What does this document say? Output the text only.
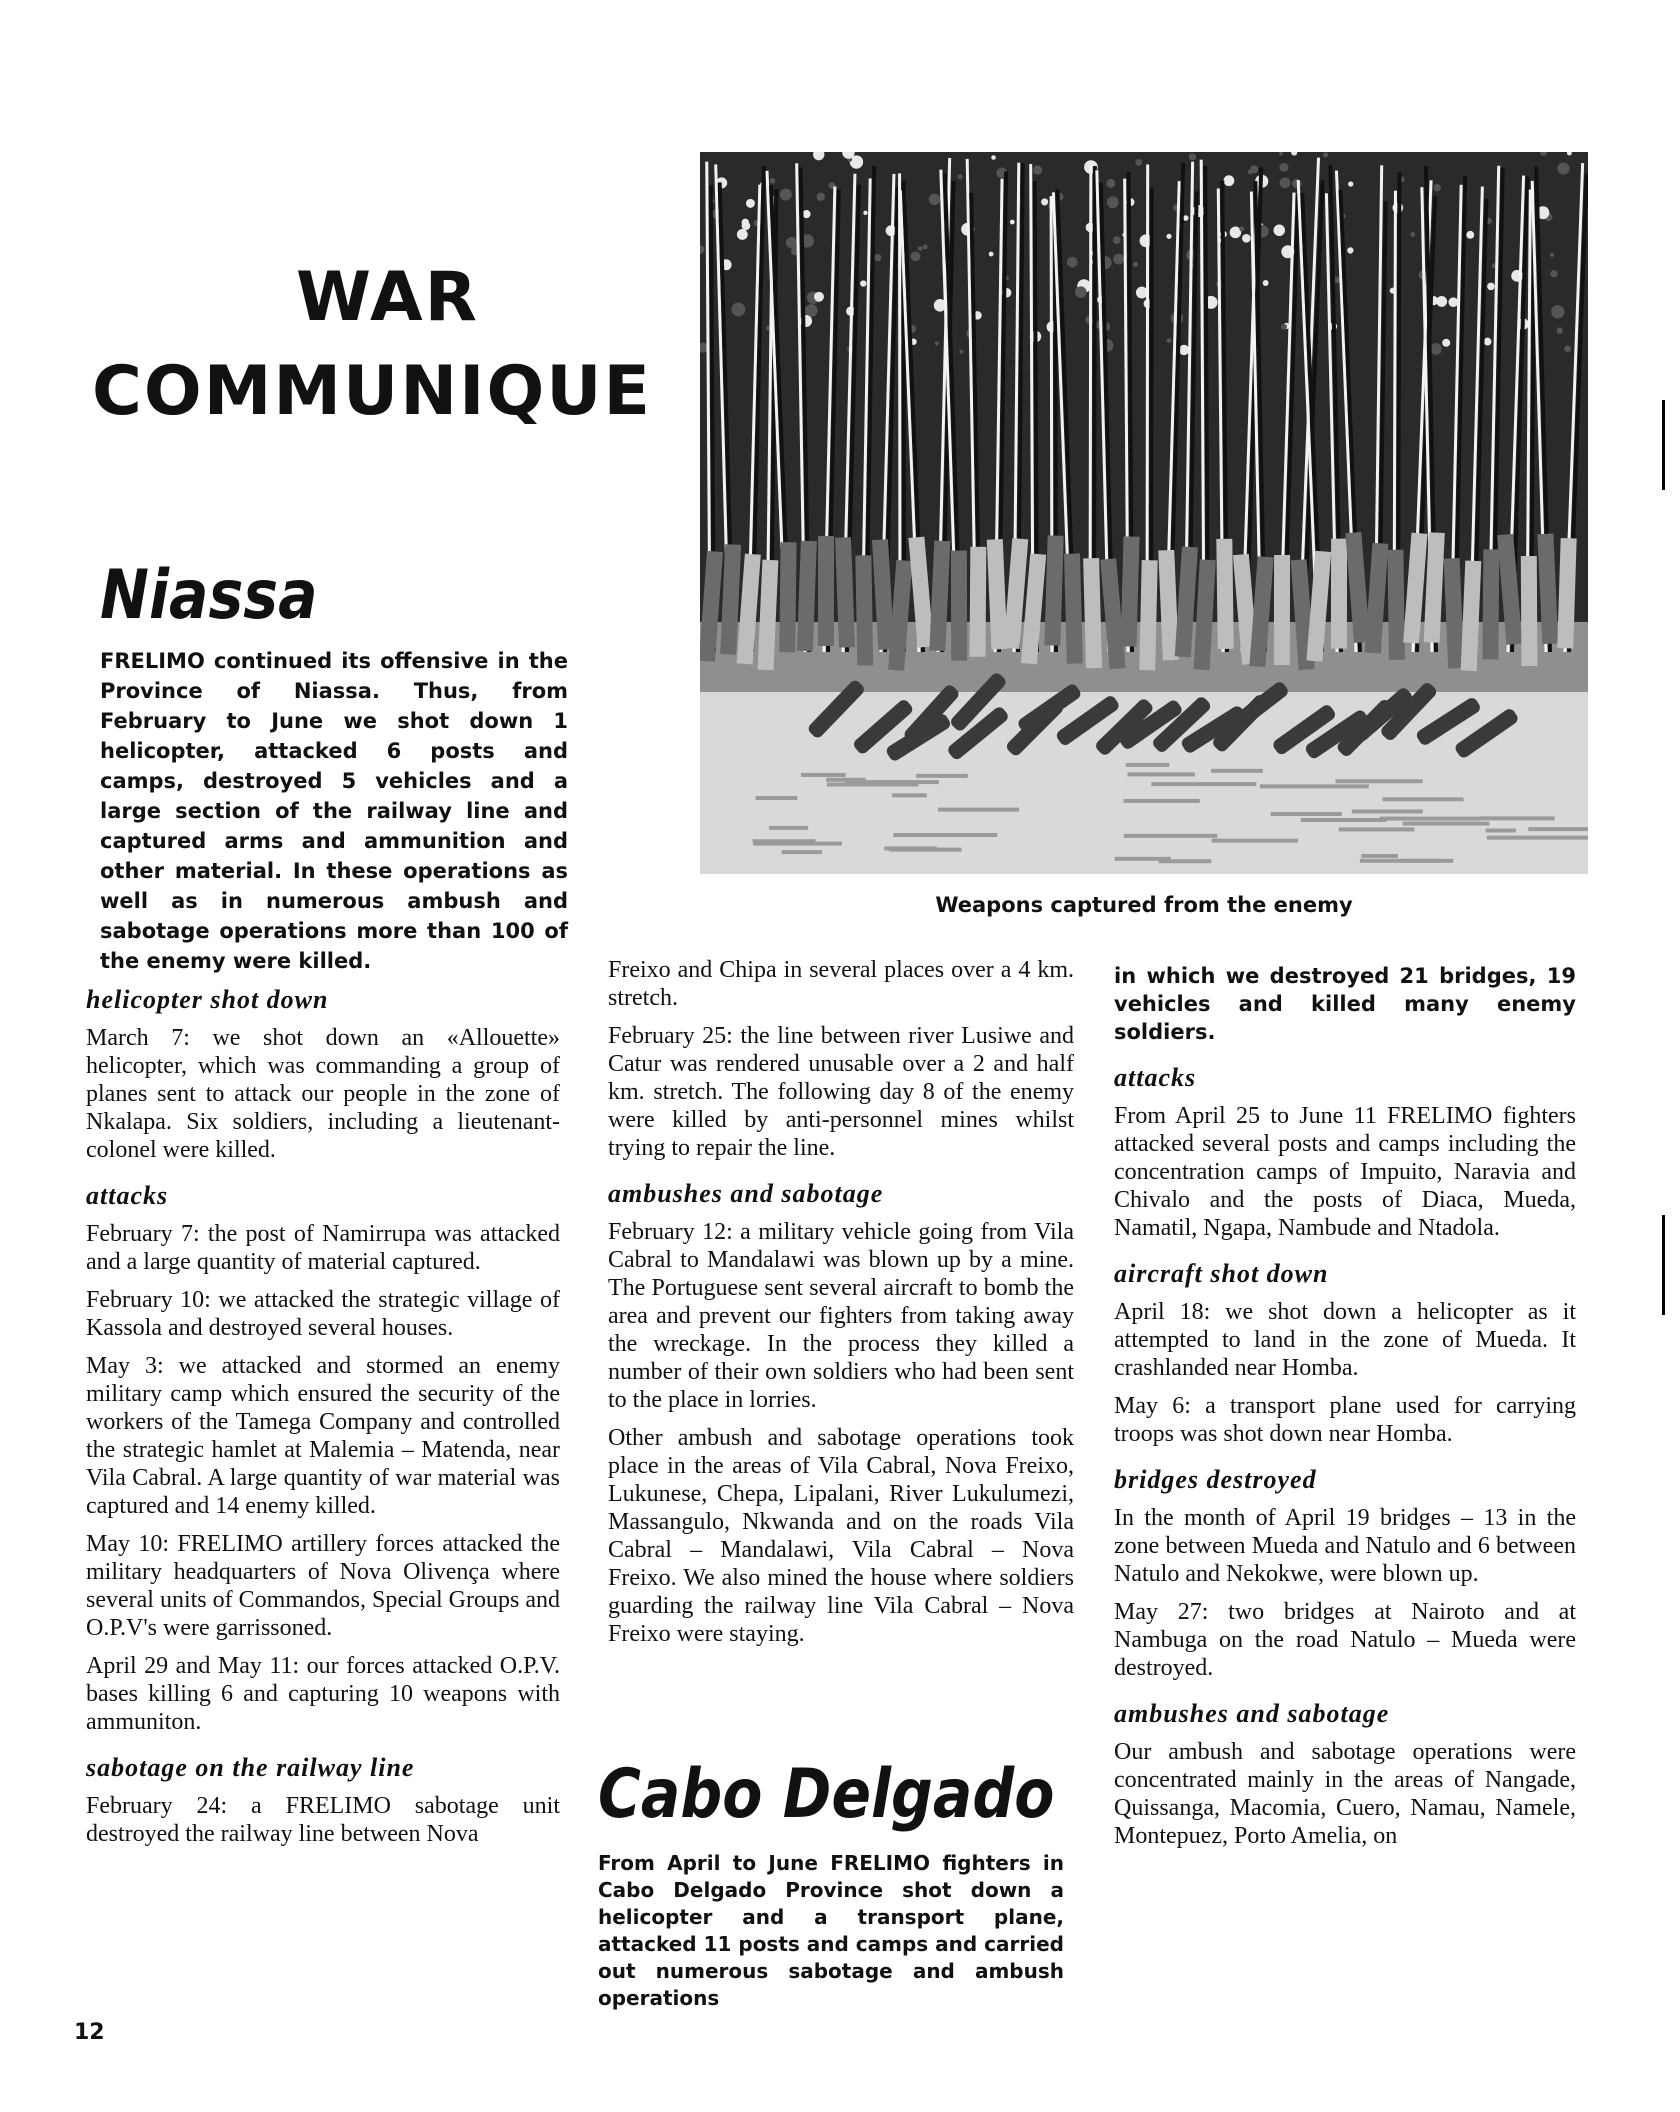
WAR
COMMUNIQUE
Niassa
FRELIMO continued its offensive in the Province of Niassa. Thus, from February to June we shot down 1 helicopter, attacked 6 posts and camps, destroyed 5 vehicles and a large section of the railway line and captured arms and ammunition and other material. In these operations as well as in numerous ambush and sabotage operations more than 100 of the enemy were killed.
Weapons captured from the enemy
helicopter shot down

March 7: we shot down an «Allouette» helicopter, which was commanding a group of planes sent to attack our people in the zone of Nkalapa. Six soldiers, including a lieutenant-colonel were killed.

attacks

February 7: the post of Namirrupa was attacked and a large quantity of material captured.

February 10: we attacked the strategic village of Kassola and destroyed several houses.

May 3: we attacked and stormed an enemy military camp which ensured the security of the workers of the Tamega Company and controlled the strategic hamlet at Malemia – Matenda, near Vila Cabral. A large quantity of war material was captured and 14 enemy killed.

May 10: FRELIMO artillery forces attacked the military headquarters of Nova Olivença where several units of Commandos, Special Groups and O.P.V's were garrissoned.

April 29 and May 11: our forces attacked O.P.V. bases killing 6 and capturing 10 weapons with ammuniton.

sabotage on the railway line

February 24: a FRELIMO sabotage unit destroyed the railway line between Nova

Freixo and Chipa in several places over a 4 km. stretch.

February 25: the line between river Lusiwe and Catur was rendered unusable over a 2 and half km. stretch. The following day 8 of the enemy were killed by anti-personnel mines whilst trying to repair the line.

ambushes and sabotage

February 12: a military vehicle going from Vila Cabral to Mandalawi was blown up by a mine. The Portuguese sent several aircraft to bomb the area and prevent our fighters from taking away the wreckage. In the process they killed a number of their own soldiers who had been sent to the place in lorries.

Other ambush and sabotage operations took place in the areas of Vila Cabral, Nova Freixo, Lukunese, Chepa, Lipalani, River Lukulumezi, Massangulo, Nkwanda and on the roads Vila Cabral – Mandalawi, Vila Cabral – Nova Freixo. We also mined the house where soldiers guarding the railway line Vila Cabral – Nova Freixo were staying.

Cabo Delgado
From April to June FRELIMO fighters in Cabo Delgado Province shot down a helicopter and a transport plane, attacked 11 posts and camps and carried out numerous sabotage and ambush operations

in which we destroyed 21 bridges, 19 vehicles and killed many enemy soldiers.

attacks

From April 25 to June 11 FRELIMO fighters attacked several posts and camps including the concentration camps of Impuito, Naravia and Chivalo and the posts of Diaca, Mueda, Namatil, Ngapa, Nambude and Ntadola.

aircraft shot down

April 18: we shot down a helicopter as it attempted to land in the zone of Mueda. It crashlanded near Homba.

May 6: a transport plane used for carrying troops was shot down near Homba.

bridges destroyed

In the month of April 19 bridges – 13 in the zone between Mueda and Natulo and 6 between Natulo and Nekokwe, were blown up.

May 27: two bridges at Nairoto and at Nambuga on the road Natulo – Mueda were destroyed.

ambushes and sabotage

Our ambush and sabotage operations were concentrated mainly in the areas of Nangade, Quissanga, Macomia, Cuero, Namau, Namele, Montepuez, Porto Amelia, on

12
